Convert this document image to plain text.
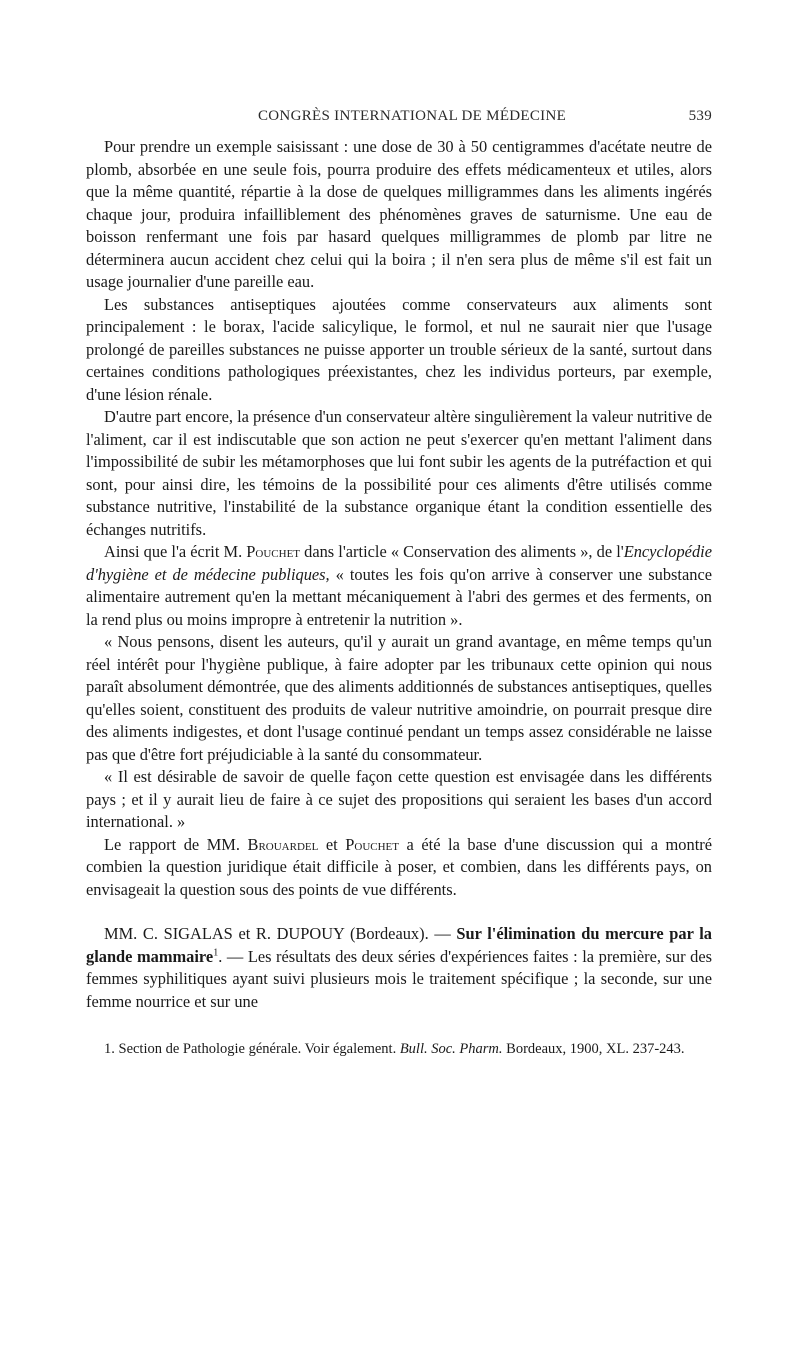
CONGRÈS INTERNATIONAL DE MÉDECINE	539

Pour prendre un exemple saisissant : une dose de 30 à 50 centigrammes d'acétate neutre de plomb, absorbée en une seule fois, pourra produire des effets médicamenteux et utiles, alors que la même quantité, répartie à la dose de quelques milligrammes dans les aliments ingérés chaque jour, produira infailliblement des phénomènes graves de saturnisme. Une eau de boisson renfermant une fois par hasard quelques milligrammes de plomb par litre ne déterminera aucun accident chez celui qui la boira ; il n'en sera plus de même s'il est fait un usage journalier d'une pareille eau.

Les substances antiseptiques ajoutées comme conservateurs aux aliments sont principalement : le borax, l'acide salicylique, le formol, et nul ne saurait nier que l'usage prolongé de pareilles substances ne puisse apporter un trouble sérieux de la santé, surtout dans certaines conditions pathologiques préexistantes, chez les individus porteurs, par exemple, d'une lésion rénale.

D'autre part encore, la présence d'un conservateur altère singulièrement la valeur nutritive de l'aliment, car il est indiscutable que son action ne peut s'exercer qu'en mettant l'aliment dans l'impossibilité de subir les métamorphoses que lui font subir les agents de la putréfaction et qui sont, pour ainsi dire, les témoins de la possibilité pour ces aliments d'être utilisés comme substance nutritive, l'instabilité de la substance organique étant la condition essentielle des échanges nutritifs.

Ainsi que l'a écrit M. Pouchet dans l'article « Conservation des aliments », de l'Encyclopédie d'hygiène et de médecine publiques, « toutes les fois qu'on arrive à conserver une substance alimentaire autrement qu'en la mettant mécaniquement à l'abri des germes et des ferments, on la rend plus ou moins impropre à entretenir la nutrition ».

« Nous pensons, disent les auteurs, qu'il y aurait un grand avantage, en même temps qu'un réel intérêt pour l'hygiène publique, à faire adopter par les tribunaux cette opinion qui nous paraît absolument démontrée, que des aliments additionnés de substances antiseptiques, quelles qu'elles soient, constituent des produits de valeur nutritive amoindrie, on pourrait presque dire des aliments indigestes, et dont l'usage continué pendant un temps assez considérable ne laisse pas que d'être fort préjudiciable à la santé du consommateur.

« Il est désirable de savoir de quelle façon cette question est envisagée dans les différents pays ; et il y aurait lieu de faire à ce sujet des propositions qui seraient les bases d'un accord international. »

Le rapport de MM. Brouardel et Pouchet a été la base d'une discussion qui a montré combien la question juridique était difficile à poser, et combien, dans les différents pays, on envisageait la question sous des points de vue différents.

MM. C. SIGALAS et R. DUPOUY (Bordeaux). — Sur l'élimination du mercure par la glande mammaire$^1$. — Les résultats des deux séries d'expériences faites : la première, sur des femmes syphilitiques ayant suivi plusieurs mois le traitement spécifique ; la seconde, sur une femme nourrice et sur une

1. Section de Pathologie générale. Voir également. Bull. Soc. Pharm. Bordeaux, 1900, XL. 237-243.
